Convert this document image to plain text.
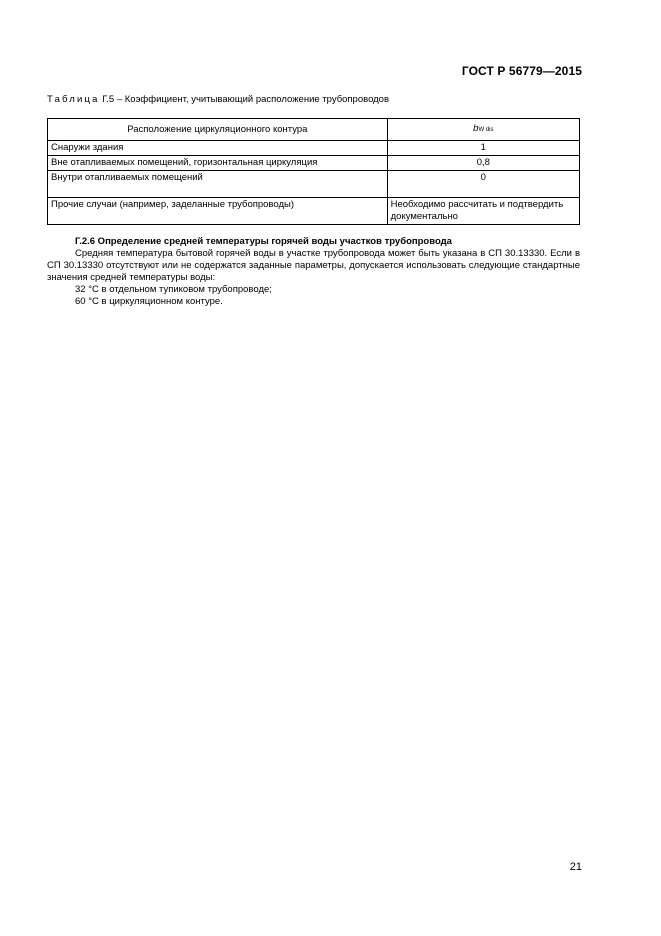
ГОСТ Р 56779—2015
Таблица Г.5 – Коэффициент, учитывающий расположение трубопроводов
Расположение циркуляционного контура	bW dis
Снаружи здания	1
Вне отапливаемых помещений, горизонтальная циркуляция	0,8
Внутри отапливаемых помещений	0
Прочие случаи (например, заделанные трубопроводы)	Необходимо рассчитать и подтвердить документально
Г.2.6 Определение средней температуры горячей воды участков трубопровода

Средняя температура бытовой горячей воды в участке трубопровода может быть указана в СП 30.13330. Если в СП 30.13330 отсутствуют или не содержатся заданные параметры, допускается использовать следующие стандартные значения средней температуры воды:

32 °С в отдельном тупиковом трубопроводе;
60 °С в циркуляционном контуре.
21
